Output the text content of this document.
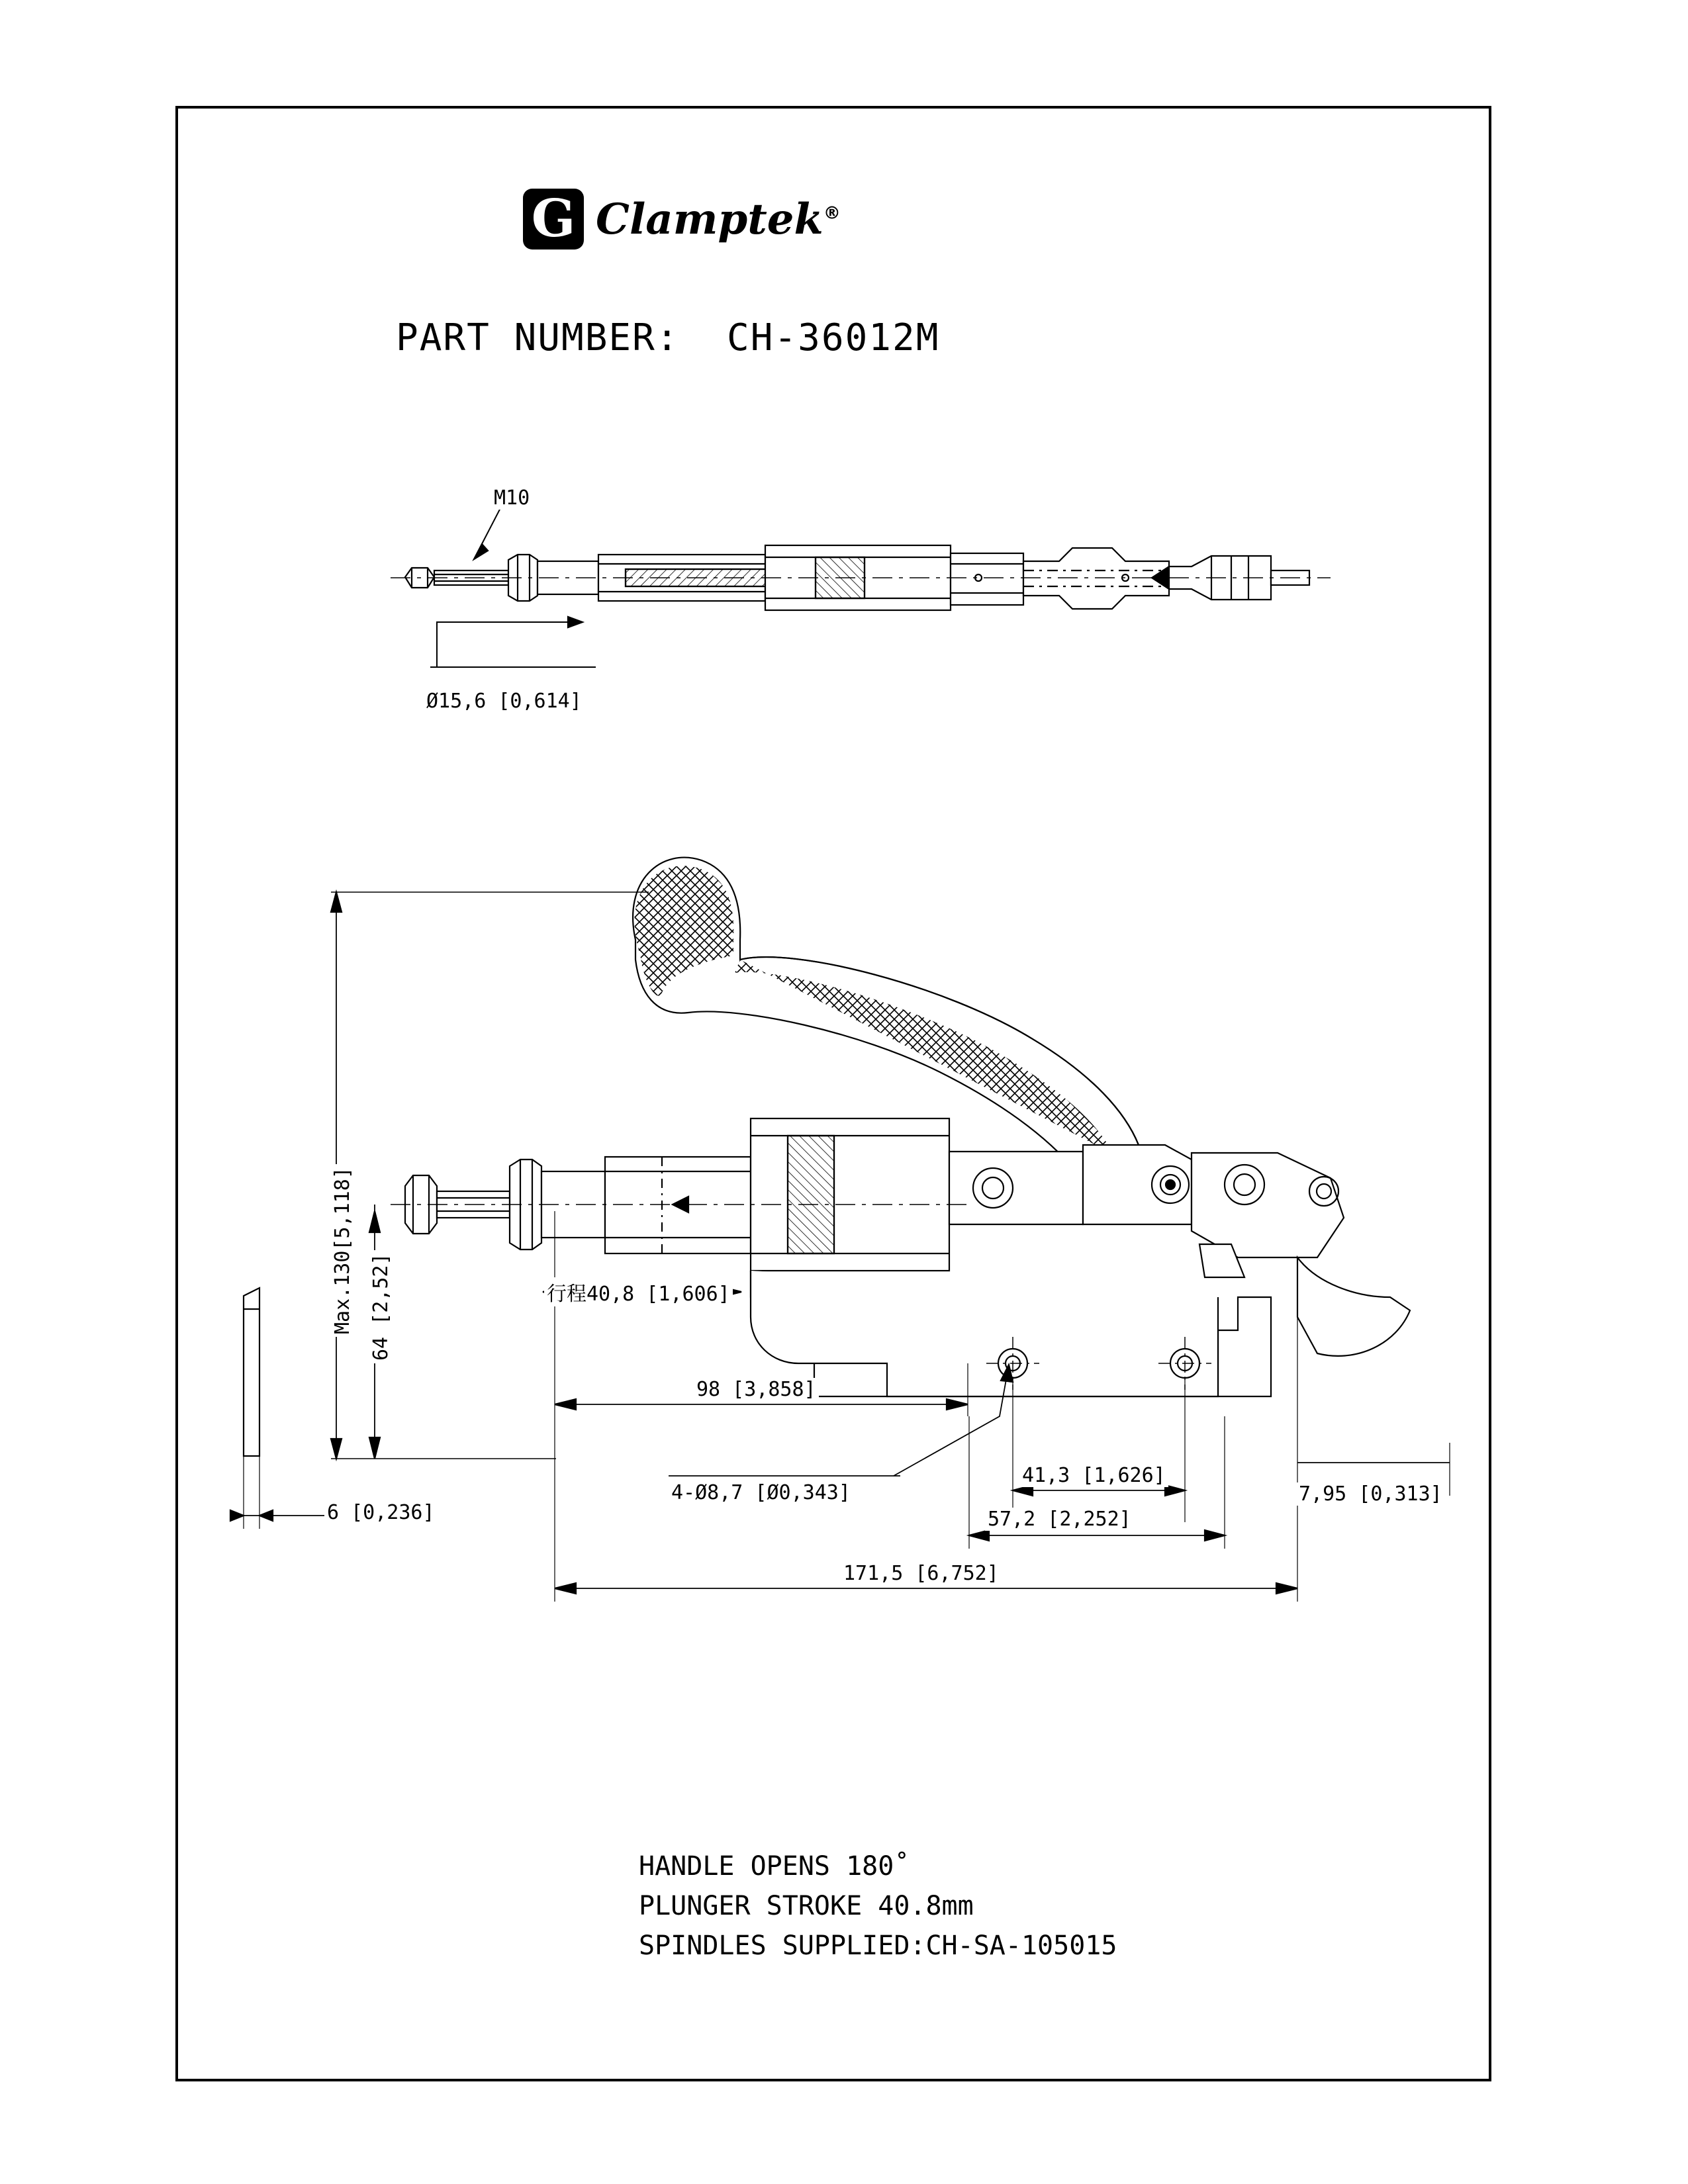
G Clamptek®
PART NUMBER: CH-36012M
M10
Ø15,6 [0,614]
Max.130[5,118] 64 [2,52]	行程40,8 [1,606]
98 [3,858]
4-Ø8,7 [Ø0,343]
41,3 [1,626]
57,2 [2,252]
7,95 [0,313]
171,5 [6,752]
6 [0,236]
HANDLE OPENS 180˚
PLUNGER STROKE 40.8mm
SPINDLES SUPPLIED:CH-SA-105015
